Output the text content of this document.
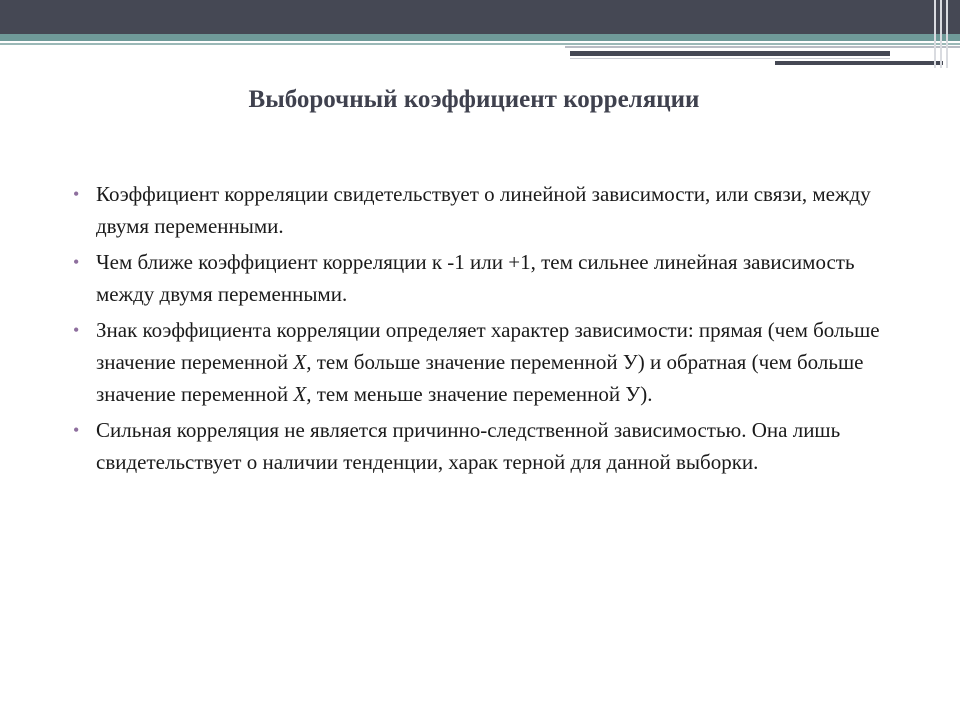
Выборочный коэффициент корреляции
• Коэффициент корреляции свидетельствует о линейной зависимости, или связи, между двумя переменными.
• Чем ближе коэффициент корреляции к -1 или +1, тем сильнее линейная зависимость между двумя переменными.
• Знак коэффициента корреляции определяет характер зависимости: прямая (чем больше значение переменной X, тем больше значение переменной У) и обратная (чем больше значение переменной X, тем меньше значение переменной У).
• Сильная корреляция не является причинно-следственной зависимостью. Она лишь свидетельствует о наличии тенденции, харак терной для данной выборки.
